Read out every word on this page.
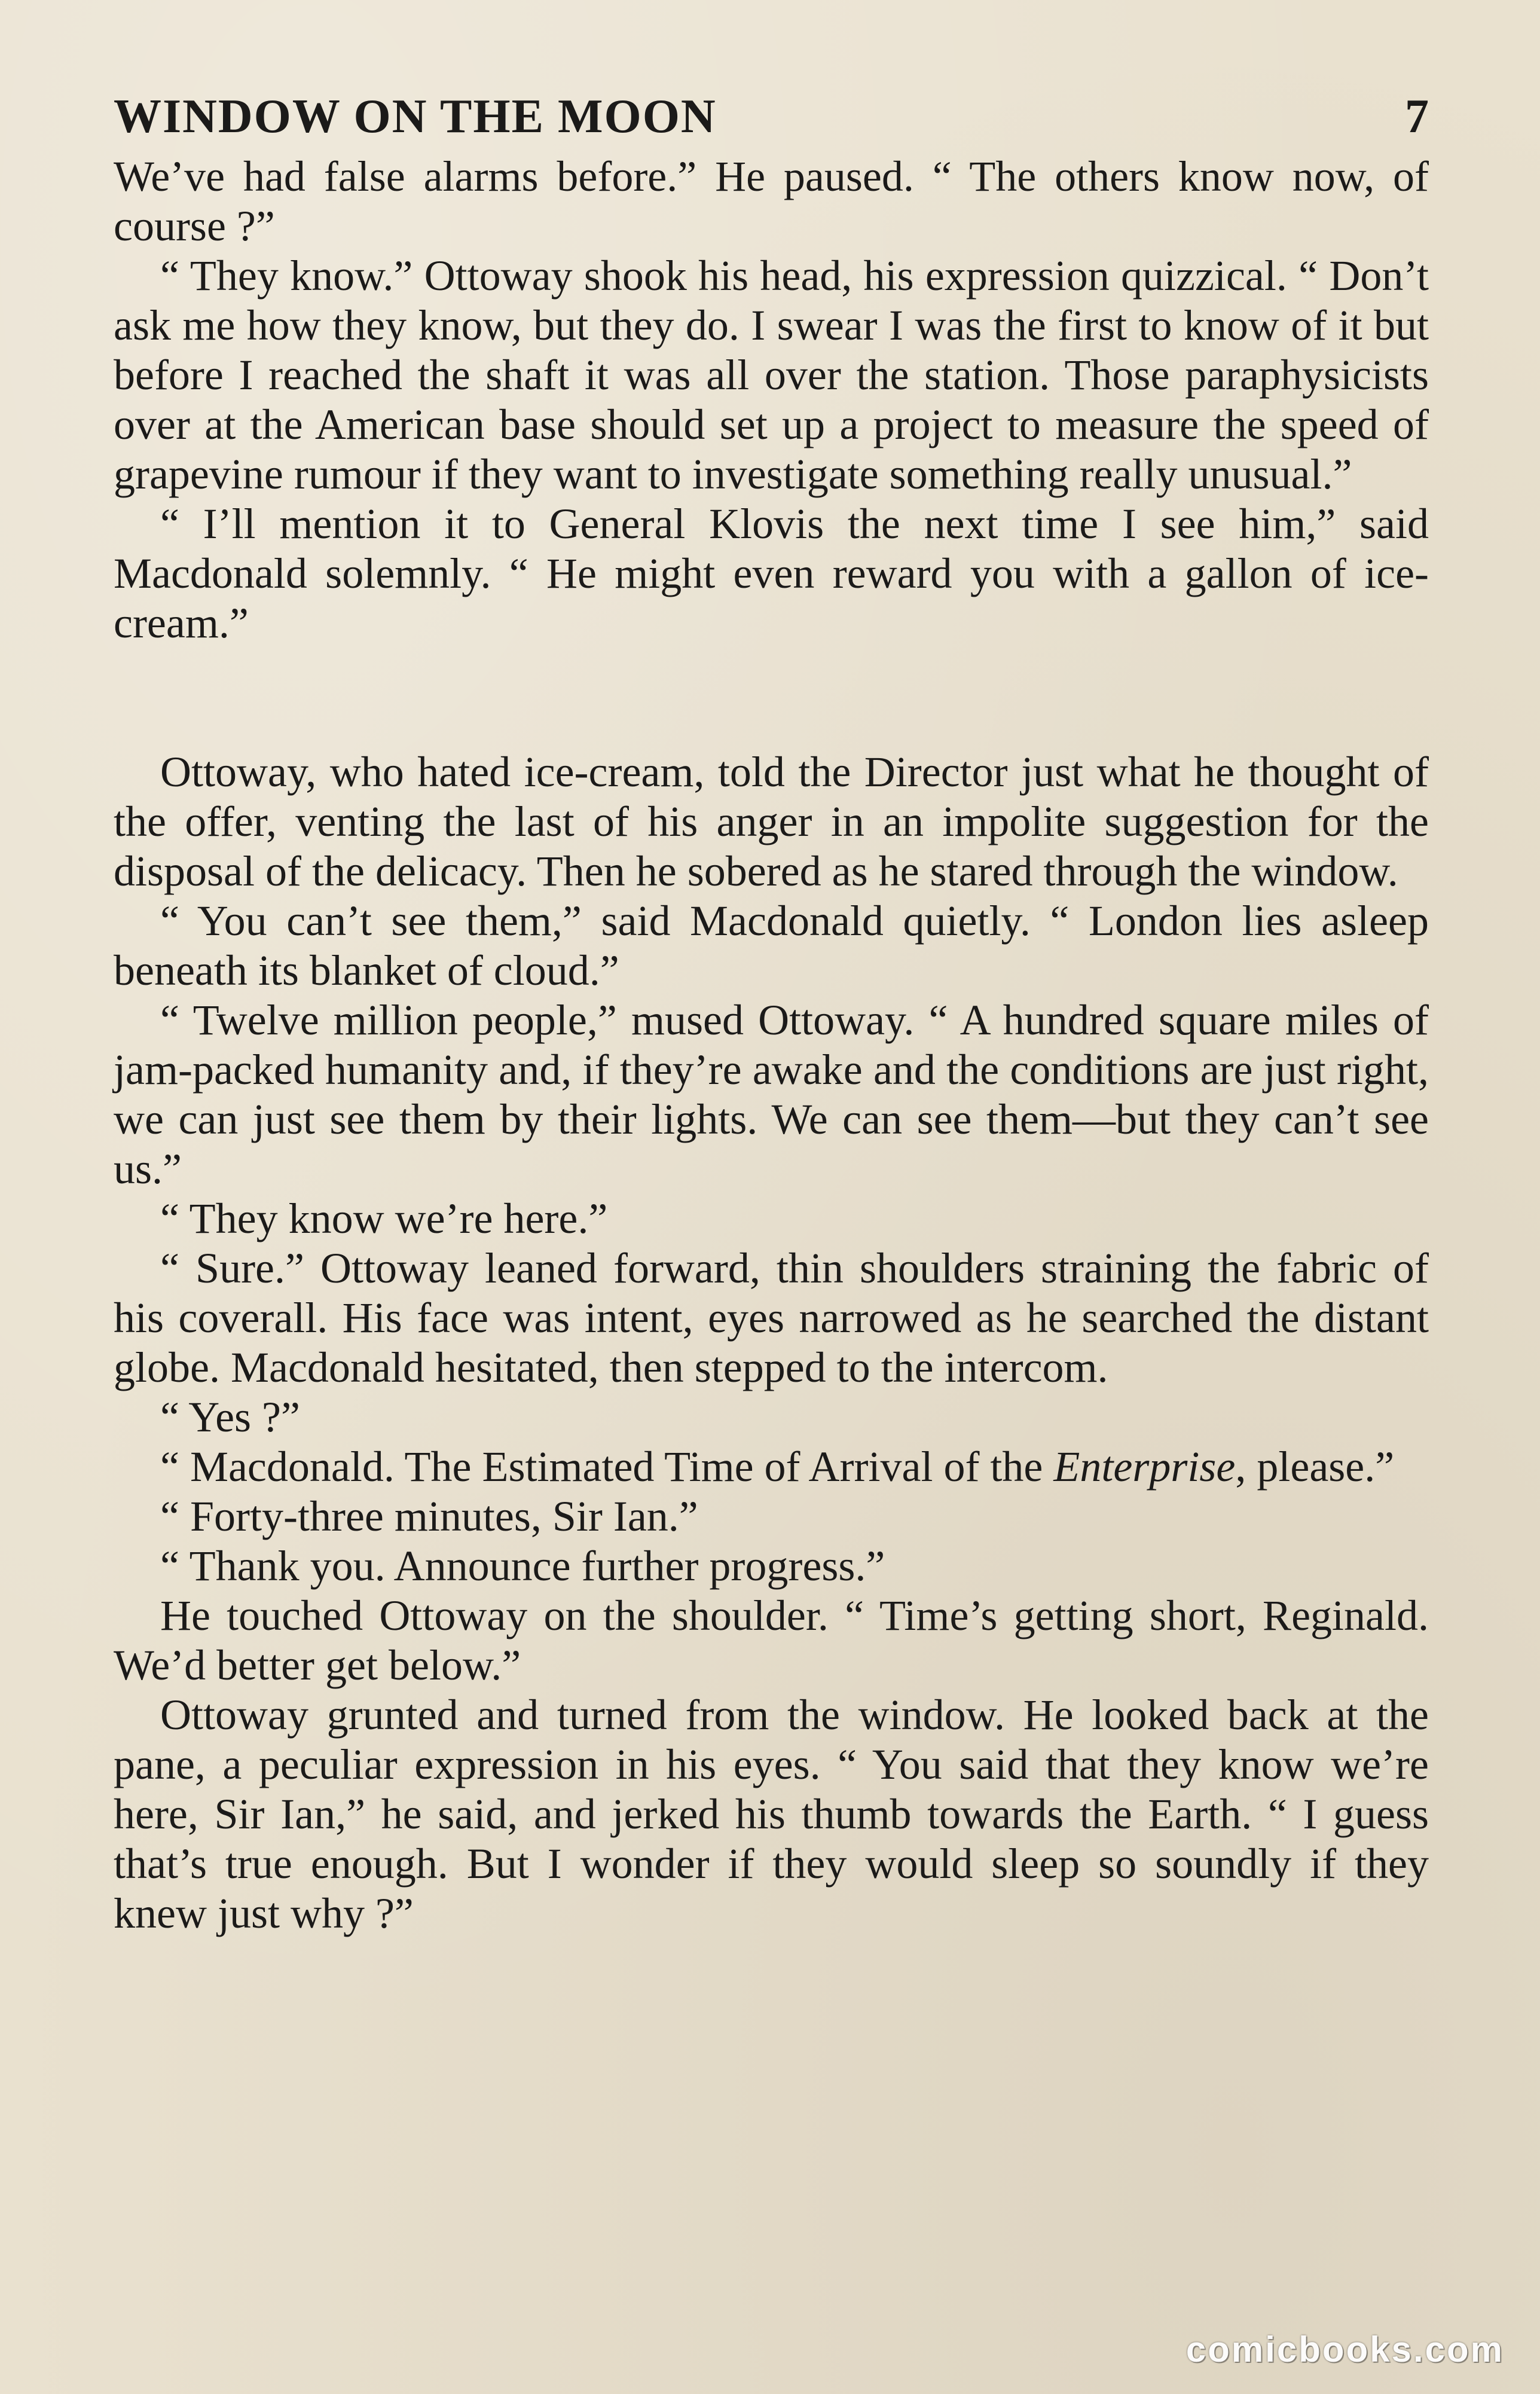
WINDOW ON THE MOON	7

We’ve had false alarms before.” He paused. “ The others know now, of course ?”

“ They know.” Ottoway shook his head, his expression quizzical. “ Don’t ask me how they know, but they do. I swear I was the first to know of it but before I reached the shaft it was all over the station. Those paraphysicists over at the American base should set up a project to measure the speed of grapevine rumour if they want to investigate something really unusual.”

“ I’ll mention it to General Klovis the next time I see him,” said Macdonald solemnly. “ He might even reward you with a gallon of ice-cream.”

Ottoway, who hated ice-cream, told the Director just what he thought of the offer, venting the last of his anger in an impolite suggestion for the disposal of the delicacy. Then he sobered as he stared through the window.

“ You can’t see them,” said Macdonald quietly. “ London lies asleep beneath its blanket of cloud.”

“ Twelve million people,” mused Ottoway. “ A hundred square miles of jam-packed humanity and, if they’re awake and the conditions are just right, we can just see them by their lights. We can see them—but they can’t see us.”

“ They know we’re here.”

“ Sure.” Ottoway leaned forward, thin shoulders straining the fabric of his coverall. His face was intent, eyes narrowed as he searched the distant globe. Macdonald hesitated, then stepped to the intercom.

“ Yes ?”

“ Macdonald. The Estimated Time of Arrival of the Enterprise, please.”

“ Forty-three minutes, Sir Ian.”

“ Thank you. Announce further progress.”

He touched Ottoway on the shoulder. “ Time’s getting short, Reginald. We’d better get below.”

Ottoway grunted and turned from the window. He looked back at the pane, a peculiar expression in his eyes. “ You said that they know we’re here, Sir Ian,” he said, and jerked his thumb towards the Earth. “ I guess that’s true enough. But I wonder if they would sleep so soundly if they knew just why ?”

comicbooks.com
